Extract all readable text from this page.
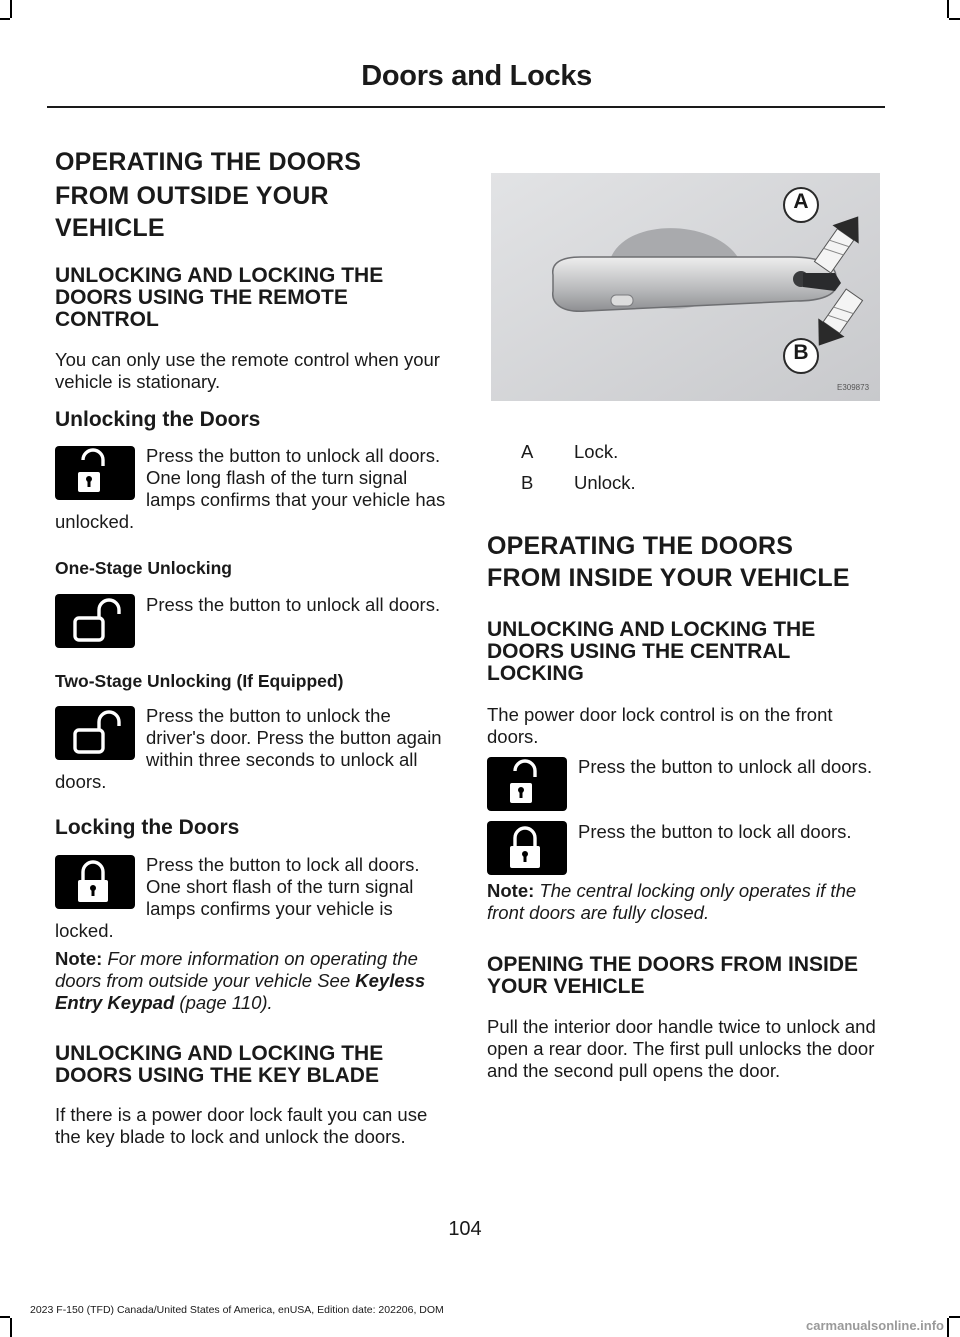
Doors and Locks
OPERATING THE DOORS
FROM OUTSIDE YOUR
VEHICLE
UNLOCKING AND LOCKING THE DOORS USING THE REMOTE CONTROL
You can only use the remote control when your vehicle is stationary.
Unlocking the Doors
Press the button to unlock all doors. One long flash of the turn signal lamps confirms that your vehicle has unlocked.
One-Stage Unlocking
Press the button to unlock all doors.
Two-Stage Unlocking (If Equipped)
Press the button to unlock the driver's door. Press the button again within three seconds to unlock all doors.
Locking the Doors
Press the button to lock all doors. One short flash of the turn signal lamps confirms your vehicle is locked.
Note: For more information on operating the doors from outside your vehicle See Keyless Entry Keypad (page 110).
UNLOCKING AND LOCKING THE DOORS USING THE KEY BLADE
If there is a power door lock fault you can use the key blade to lock and unlock the doors.
A
B
E309873
A Lock.
B Unlock.
OPERATING THE DOORS
FROM INSIDE YOUR VEHICLE
UNLOCKING AND LOCKING THE DOORS USING THE CENTRAL LOCKING
The power door lock control is on the front doors.
Press the button to unlock all doors.
Press the button to lock all doors.
Note: The central locking only operates if the front doors are fully closed.
OPENING THE DOORS FROM INSIDE YOUR VEHICLE
Pull the interior door handle twice to unlock and open a rear door. The first pull unlocks the door and the second pull opens the door.
104
2023 F-150 (TFD) Canada/United States of America, enUSA, Edition date: 202206, DOM
carmanualsonline.info
